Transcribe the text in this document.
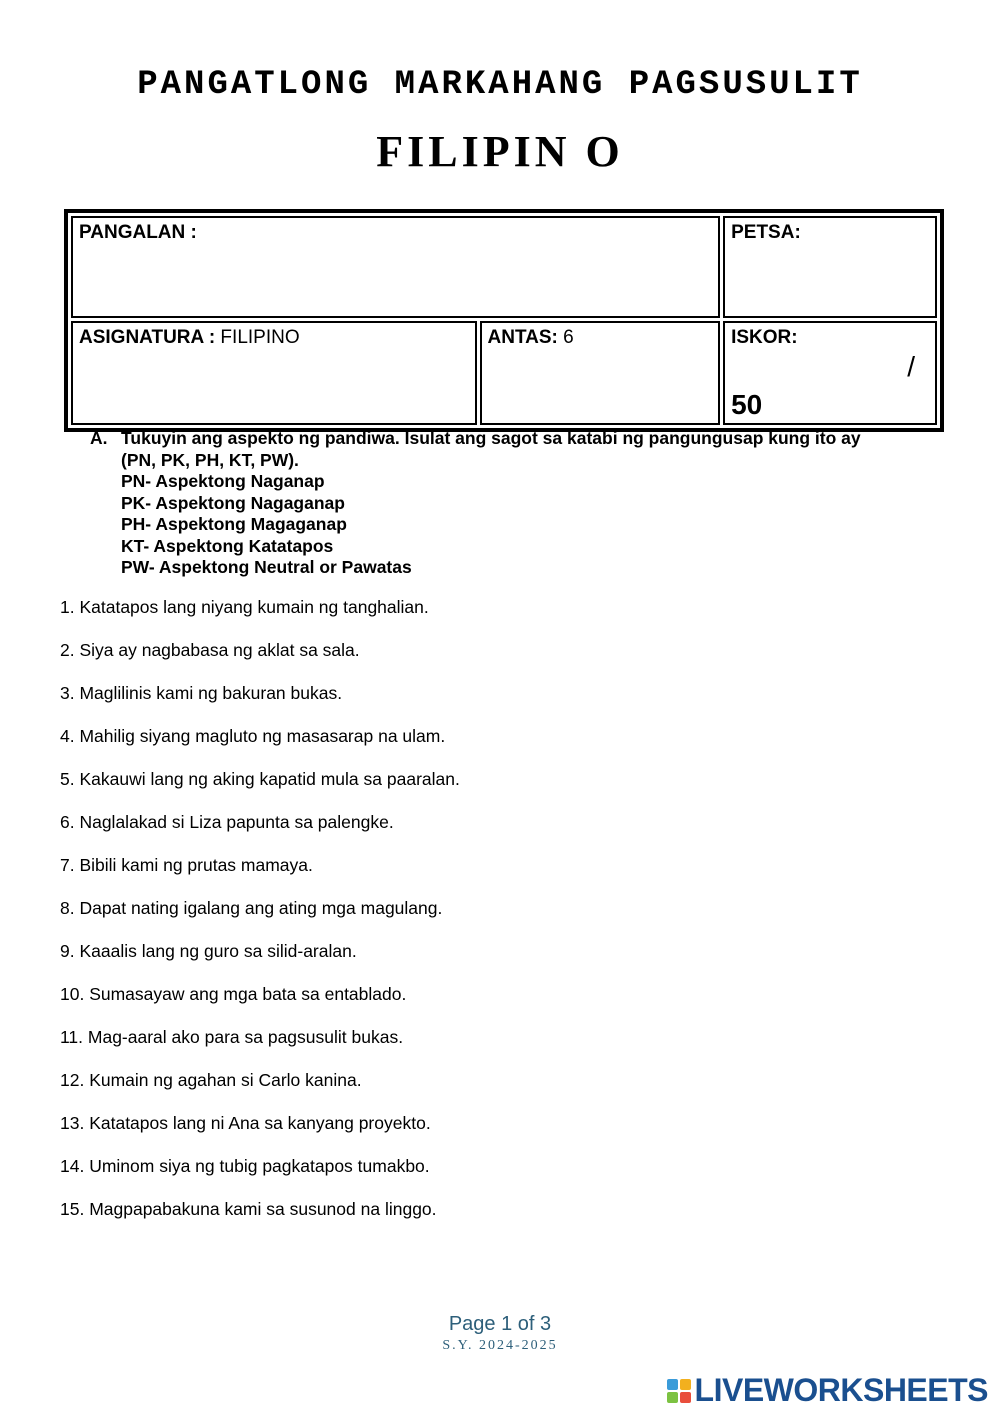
PANGATLONG MARKAHANG PAGSUSULIT
FILIPIN O
PANGALAN :		PETSA:
ASIGNATURA : FILIPINO	ANTAS: 6	ISKOR:
/
50
A. Tukuyin ang aspekto ng pandiwa. Isulat ang sagot sa katabi ng pangungusap kung ito ay
(PN, PK, PH, KT, PW).
PN- Aspektong Naganap
PK- Aspektong Nagaganap
PH- Aspektong Magaganap
KT- Aspektong Katatapos
PW- Aspektong Neutral or Pawatas
1. Katatapos lang niyang kumain ng tanghalian.
2. Siya ay nagbabasa ng aklat sa sala.
3. Maglilinis kami ng bakuran bukas.
4. Mahilig siyang magluto ng masasarap na ulam.
5. Kakauwi lang ng aking kapatid mula sa paaralan.
6. Naglalakad si Liza papunta sa palengke.
7. Bibili kami ng prutas mamaya.
8. Dapat nating igalang ang ating mga magulang.
9. Kaaalis lang ng guro sa silid-aralan.
10. Sumasayaw ang mga bata sa entablado.
11. Mag-aaral ako para sa pagsusulit bukas.
12. Kumain ng agahan si Carlo kanina.
13. Katatapos lang ni Ana sa kanyang proyekto.
14. Uminom siya ng tubig pagkatapos tumakbo.
15. Magpapabakuna kami sa susunod na linggo.
Page 1 of 3
S.Y. 2024-2025
LIVEWORKSHEETS
